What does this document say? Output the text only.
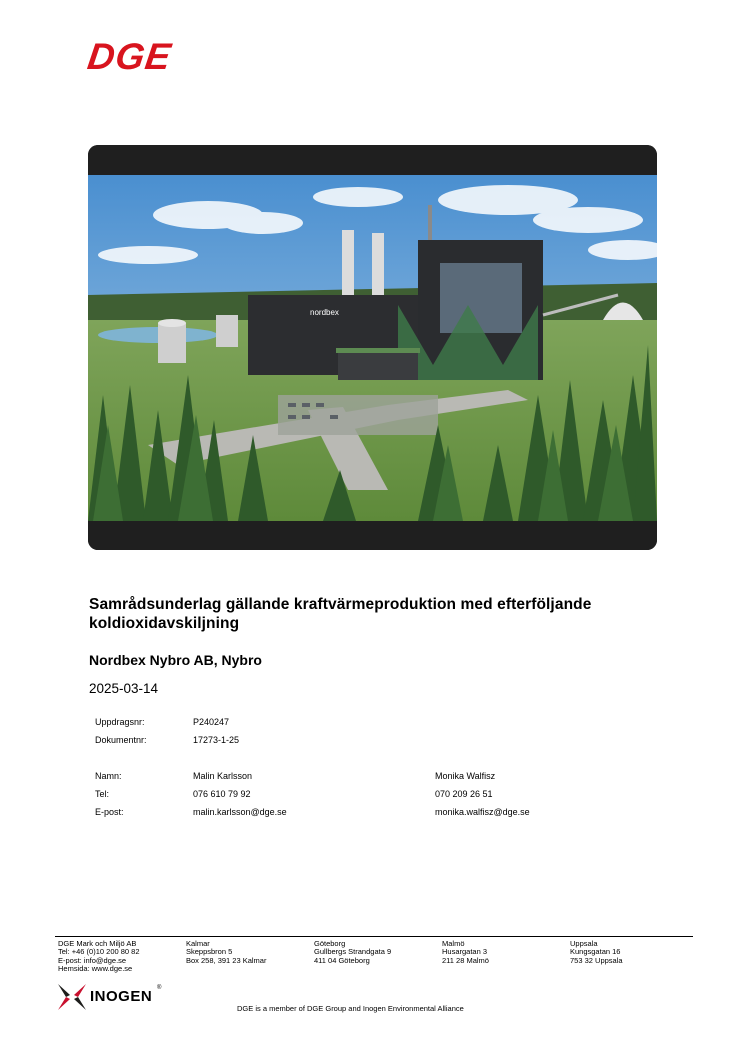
DGE
nordbex
Samrådsunderlag gällande kraftvärmeproduktion med efterföljande koldioxidavskiljning
Nordbex Nybro AB, Nybro
2025-03-14
Uppdragsnr:	P240247
Dokumentnr:	17273-1-25
Namn:
Tel:
E-post:
Malin Karlsson
076 610 79 92
malin.karlsson@dge.se
Monika Walfisz
070 209 26 51
monika.walfisz@dge.se
DGE Mark och Miljö AB
Tel: +46 (0)10 200 80 82
E-post: info@dge.se
Hemsida: www.dge.se
Kalmar
Skeppsbron 5
Box 258, 391 23 Kalmar
Göteborg
Gullbergs Strandgata 9
411 04 Göteborg
Malmö
Husargatan 3
211 28 Malmö
Uppsala
Kungsgatan 16
753 32 Uppsala
INOGEN ®
DGE is a member of DGE Group and Inogen Environmental Alliance
